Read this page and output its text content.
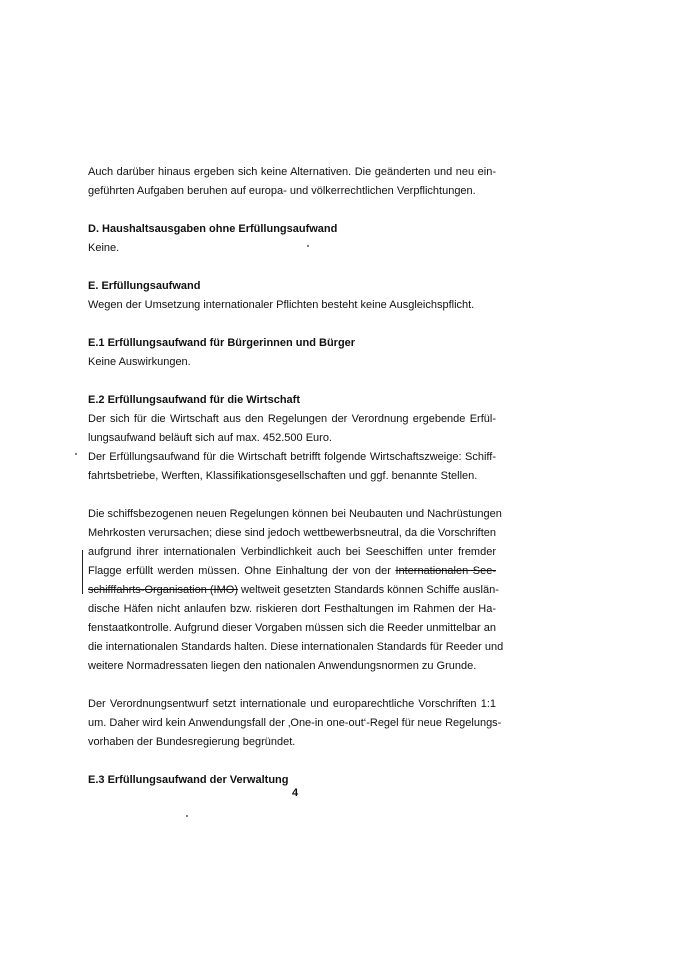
Auch darüber hinaus ergeben sich keine Alternativen. Die geänderten und neu ein-
geführten Aufgaben beruhen auf europa- und völkerrechtlichen Verpflichtungen.

D. Haushaltsausgaben ohne Erfüllungsaufwand

Keine.

E. Erfüllungsaufwand

Wegen der Umsetzung internationaler Pflichten besteht keine Ausgleichspflicht.

E.1 Erfüllungsaufwand für Bürgerinnen und Bürger

Keine Auswirkungen.

E.2 Erfüllungsaufwand für die Wirtschaft

Der sich für die Wirtschaft aus den Regelungen der Verordnung ergebende Erfül-
lungsaufwand beläuft sich auf max. 452.500 Euro.
Der Erfüllungsaufwand für die Wirtschaft betrifft folgende Wirtschaftszweige: Schiff-
fahrtsbetriebe, Werften, Klassifikationsgesellschaften und ggf. benannte Stellen.

Die schiffsbezogenen neuen Regelungen können bei Neubauten und Nachrüstungen
Mehrkosten verursachen; diese sind jedoch wettbewerbsneutral, da die Vorschriften
aufgrund ihrer internationalen Verbindlichkeit auch bei Seeschiffen unter fremder
Flagge erfüllt werden müssen. Ohne Einhaltung der von der Internationalen See-
schifffahrts-Organisation (IMO) weltweit gesetzten Standards können Schiffe auslän-
dische Häfen nicht anlaufen bzw. riskieren dort Festhaltungen im Rahmen der Ha-
fenstaatkontrolle. Aufgrund dieser Vorgaben müssen sich die Reeder unmittelbar an
die internationalen Standards halten. Diese internationalen Standards für Reeder und
weitere Normadressaten liegen den nationalen Anwendungsnormen zu Grunde.

Der Verordnungsentwurf setzt internationale und europarechtliche Vorschriften 1:1
um. Daher wird kein Anwendungsfall der ‚One-in one-out‘-Regel für neue Regelungs-
vorhaben der Bundesregierung begründet.

E.3 Erfüllungsaufwand der Verwaltung

4
